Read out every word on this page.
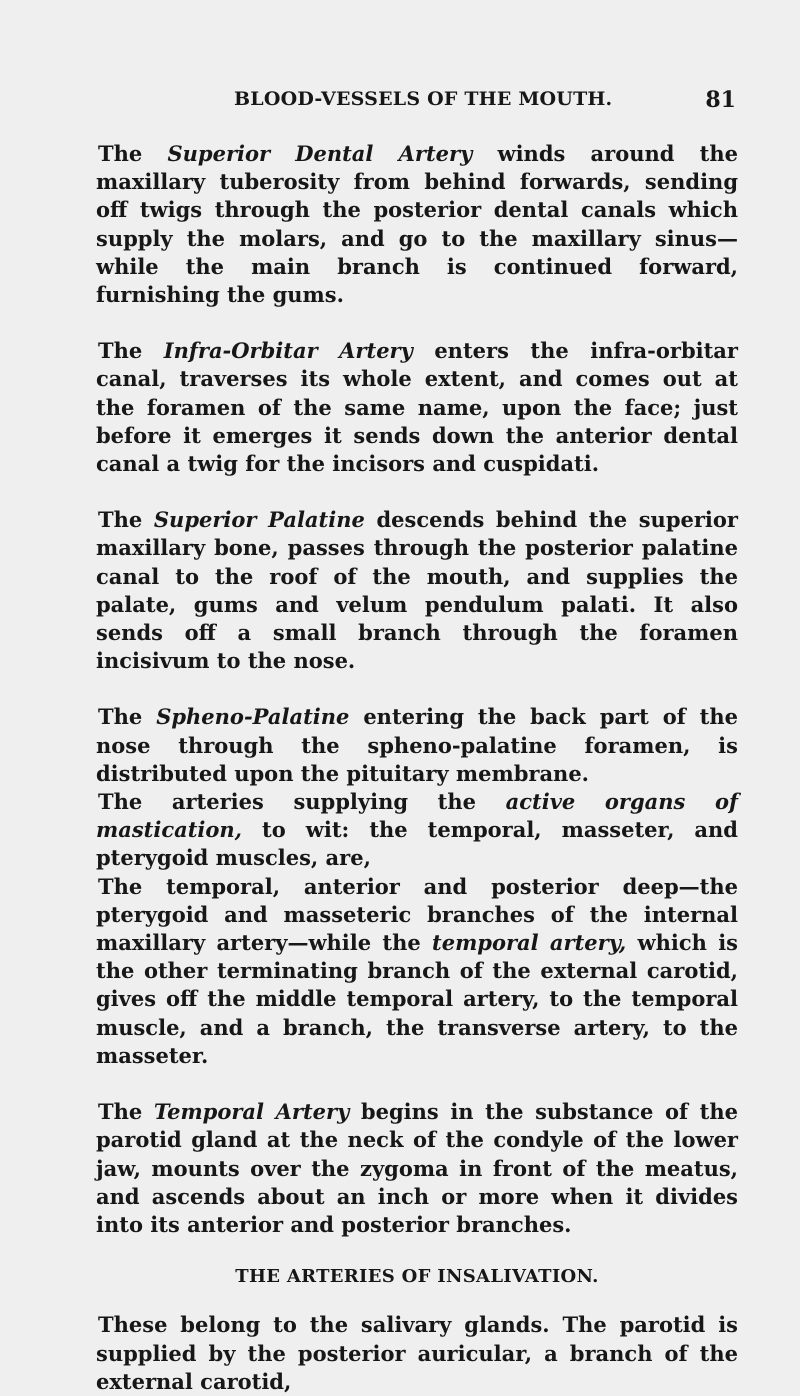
BLOOD-VESSELS OF THE MOUTH.	81

The Superior Dental Artery winds around the maxillary tuberosity from behind forwards, sending off twigs through the posterior dental canals which supply the molars, and go to the maxillary sinus—while the main branch is continued forward, furnishing the gums.

The Infra-Orbitar Artery enters the infra-orbitar canal, traverses its whole extent, and comes out at the foramen of the same name, upon the face; just before it emerges it sends down the anterior dental canal a twig for the incisors and cuspidati.

The Superior Palatine descends behind the superior maxillary bone, passes through the posterior palatine canal to the roof of the mouth, and supplies the palate, gums and velum pendulum palati. It also sends off a small branch through the foramen incisivum to the nose.

The Spheno-Palatine entering the back part of the nose through the spheno-palatine foramen, is distributed upon the pituitary membrane.

The arteries supplying the active organs of mastication, to wit: the temporal, masseter, and pterygoid muscles, are,

The temporal, anterior and posterior deep—the pterygoid and masseteric branches of the internal maxillary artery—while the temporal artery, which is the other terminating branch of the external carotid, gives off the middle temporal artery, to the temporal muscle, and a branch, the transverse artery, to the masseter.

The Temporal Artery begins in the substance of the parotid gland at the neck of the condyle of the lower jaw, mounts over the zygoma in front of the meatus, and ascends about an inch or more when it divides into its anterior and posterior branches.

THE ARTERIES OF INSALIVATION.

These belong to the salivary glands. The parotid is supplied by the posterior auricular, a branch of the external carotid,
